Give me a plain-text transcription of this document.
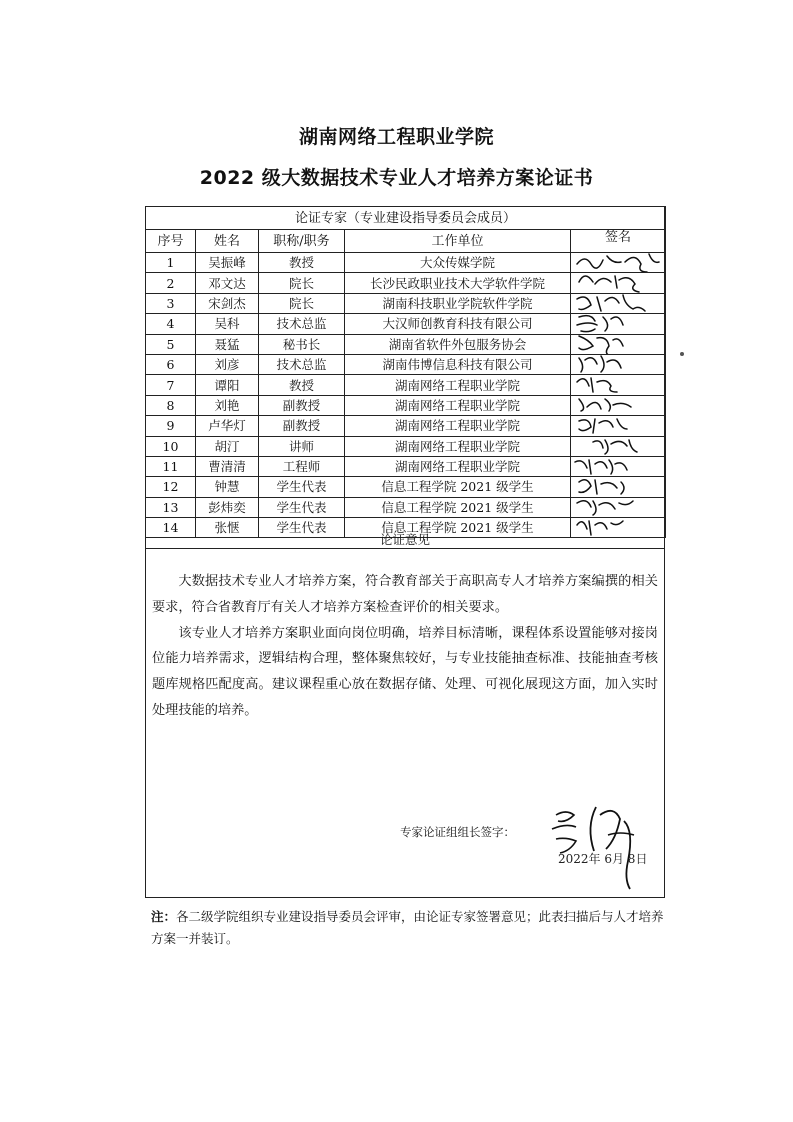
湖南网络工程职业学院
2022 级大数据技术专业人才培养方案论证书
论证专家（专业建设指导委员会成员）				
序号	姓名	职称/职务	工作单位	签名
1	吴振峰	教授	大众传媒学院	

2	邓文达	院长	长沙民政职业技术大学软件学院	

3	宋剑杰	院长	湖南科技职业学院软件学院	

4	吴科	技术总监	大汉师创教育科技有限公司	

5	聂猛	秘书长	湖南省软件外包服务协会	

6	刘彦	技术总监	湖南伟博信息科技有限公司	

7	谭阳	教授	湖南网络工程职业学院	

8	刘艳	副教授	湖南网络工程职业学院	

9	卢华灯	副教授	湖南网络工程职业学院	

10	胡汀	讲师	湖南网络工程职业学院	

11	曹清清	工程师	湖南网络工程职业学院	

12	钟慧	学生代表	信息工程学院 2021 级学生	

13	彭炜奕	学生代表	信息工程学院 2021 级学生	

14	张惬	学生代表	信息工程学院 2021 级学生	
论证意见

大数据技术专业人才培养方案，符合教育部关于高职高专人才培养方案编撰的相关要求，符合省教育厅有关人才培养方案检查评价的相关要求。

该专业人才培养方案职业面向岗位明确，培养目标清晰，课程体系设置能够对接岗位能力培养需求，逻辑结构合理，整体聚焦较好，与专业技能抽查标准、技能抽查考核题库规格匹配度高。建议课程重心放在数据存储、处理、可视化展现这方面，加入实时处理技能的培养。

专家论证组组长签字：
2022年 6月 8日
注：各二级学院组织专业建设指导委员会评审，由论证专家签署意见；此表扫描后与人才培养方案一并装订。
